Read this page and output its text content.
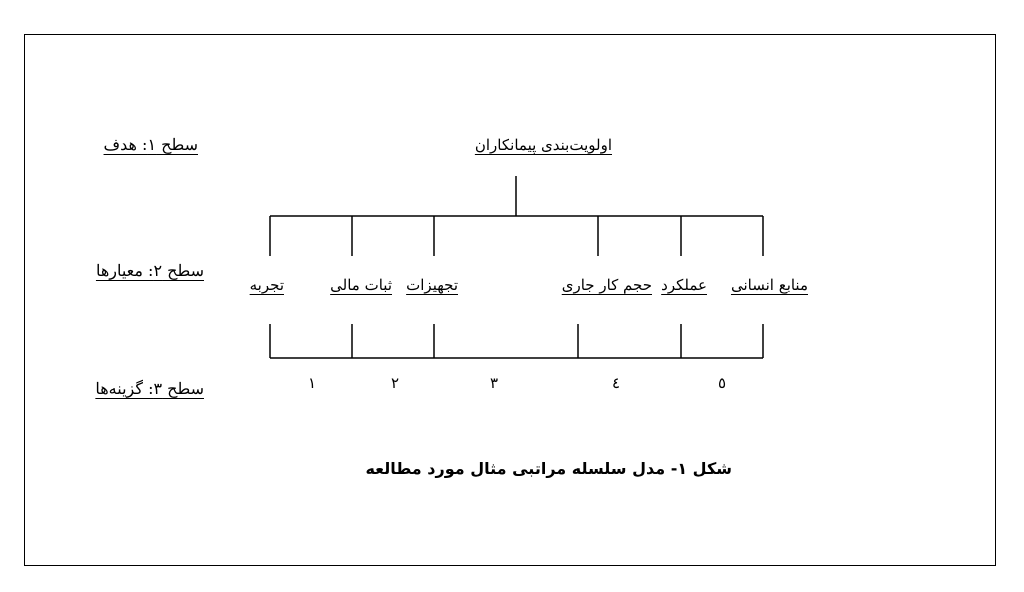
سطح ۱: هدف
سطح ۲: معیارها
سطح ۳: گزینه‌ها
اولویت‌بندی پیمانکاران
منابع انسانی
عملکرد
حجم کار جاری
تجهیزات
ثبات مالی
تجربه
۱	۲	۳	٤	٥
شکل ۱- مدل سلسله مراتبی مثال مورد مطالعه
